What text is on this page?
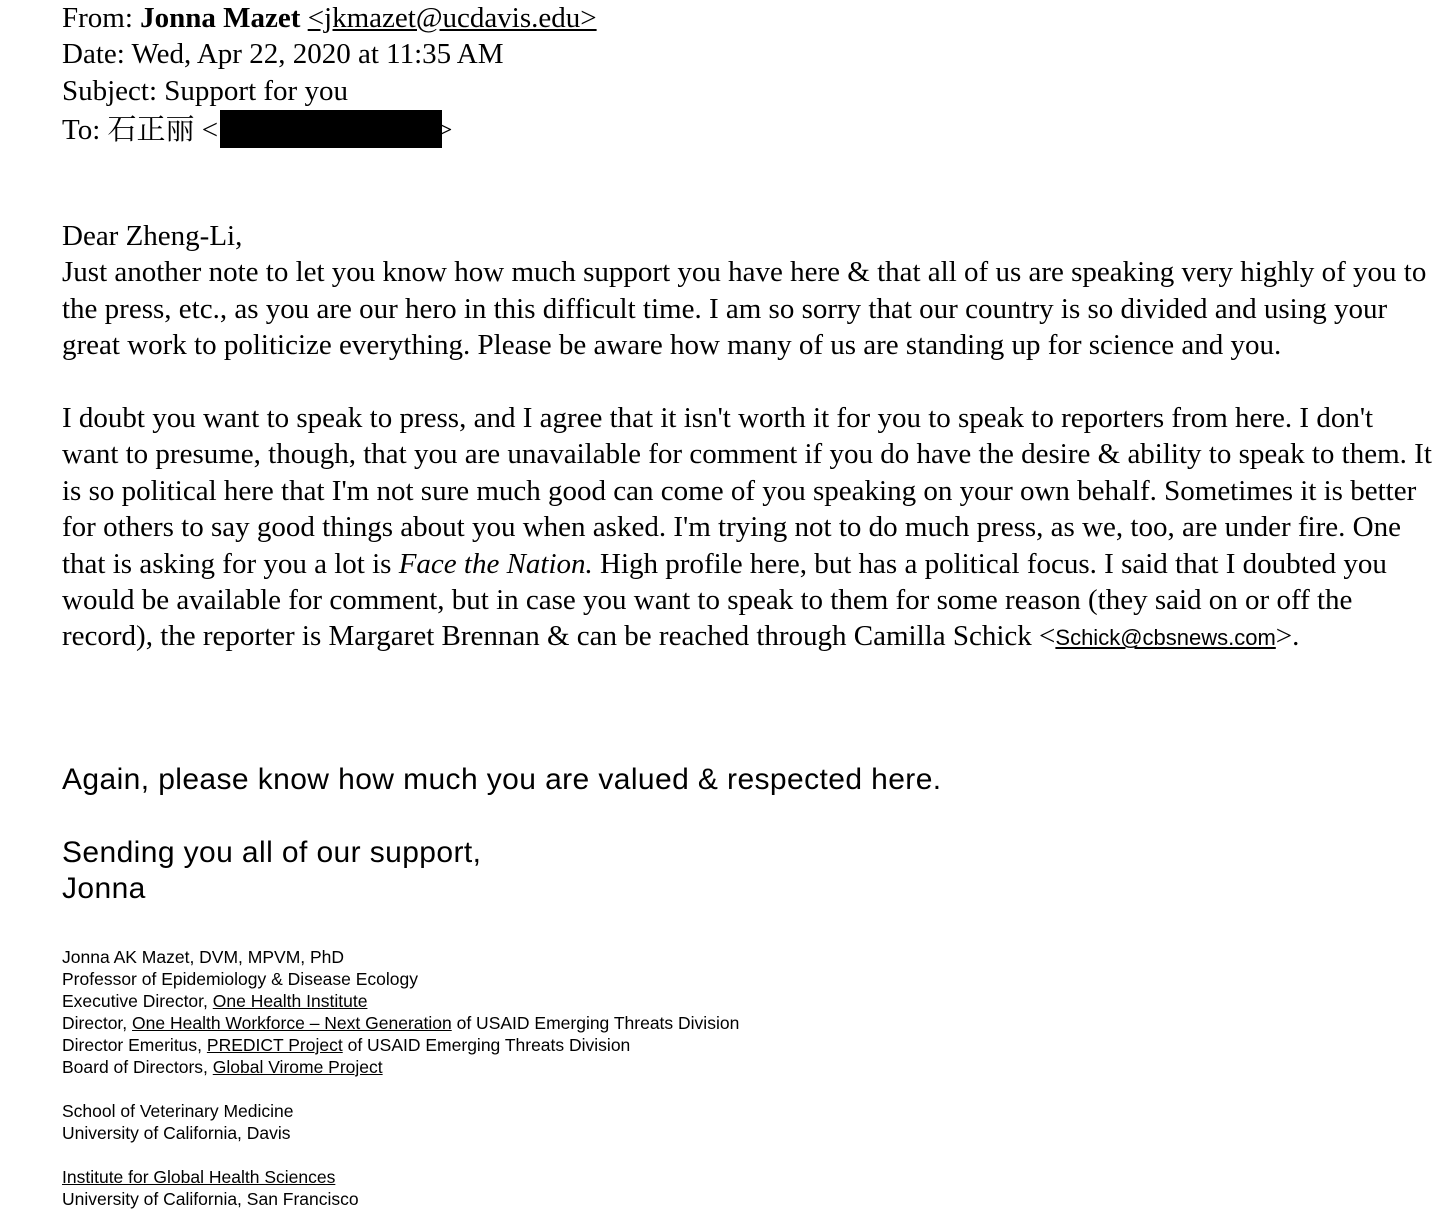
From: Jonna Mazet <jkmazet@ucdavis.edu>
Date: Wed, Apr 22, 2020 at 11:35 AM
Subject: Support for you
To: 石正丽 <	>

Dear Zheng-Li,

Just another note to let you know how much support you have here & that all of us are speaking very highly of you to the press, etc., as you are our hero in this difficult time. I am so sorry that our country is so divided and using your great work to politicize everything. Please be aware how many of us are standing up for science and you.

I doubt you want to speak to press, and I agree that it isn't worth it for you to speak to reporters from here. I don't want to presume, though, that you are unavailable for comment if you do have the desire & ability to speak to them. It is so political here that I'm not sure much good can come of you speaking on your own behalf. Sometimes it is better for others to say good things about you when asked. I'm trying not to do much press, as we, too, are under fire. One that is asking for you a lot is Face the Nation. High profile here, but has a political focus. I said that I doubted you would be available for comment, but in case you want to speak to them for some reason (they said on or off the record), the reporter is Margaret Brennan & can be reached through Camilla Schick <Schick@cbsnews.com>.

Again, please know how much you are valued & respected here.
Sending you all of our support,
Jonna
Jonna AK Mazet, DVM, MPVM, PhD
Professor of Epidemiology & Disease Ecology
Executive Director, One Health Institute
Director, One Health Workforce – Next Generation of USAID Emerging Threats Division
Director Emeritus, PREDICT Project of USAID Emerging Threats Division
Board of Directors, Global Virome Project
School of Veterinary Medicine
University of California, Davis
Institute for Global Health Sciences
University of California, San Francisco
